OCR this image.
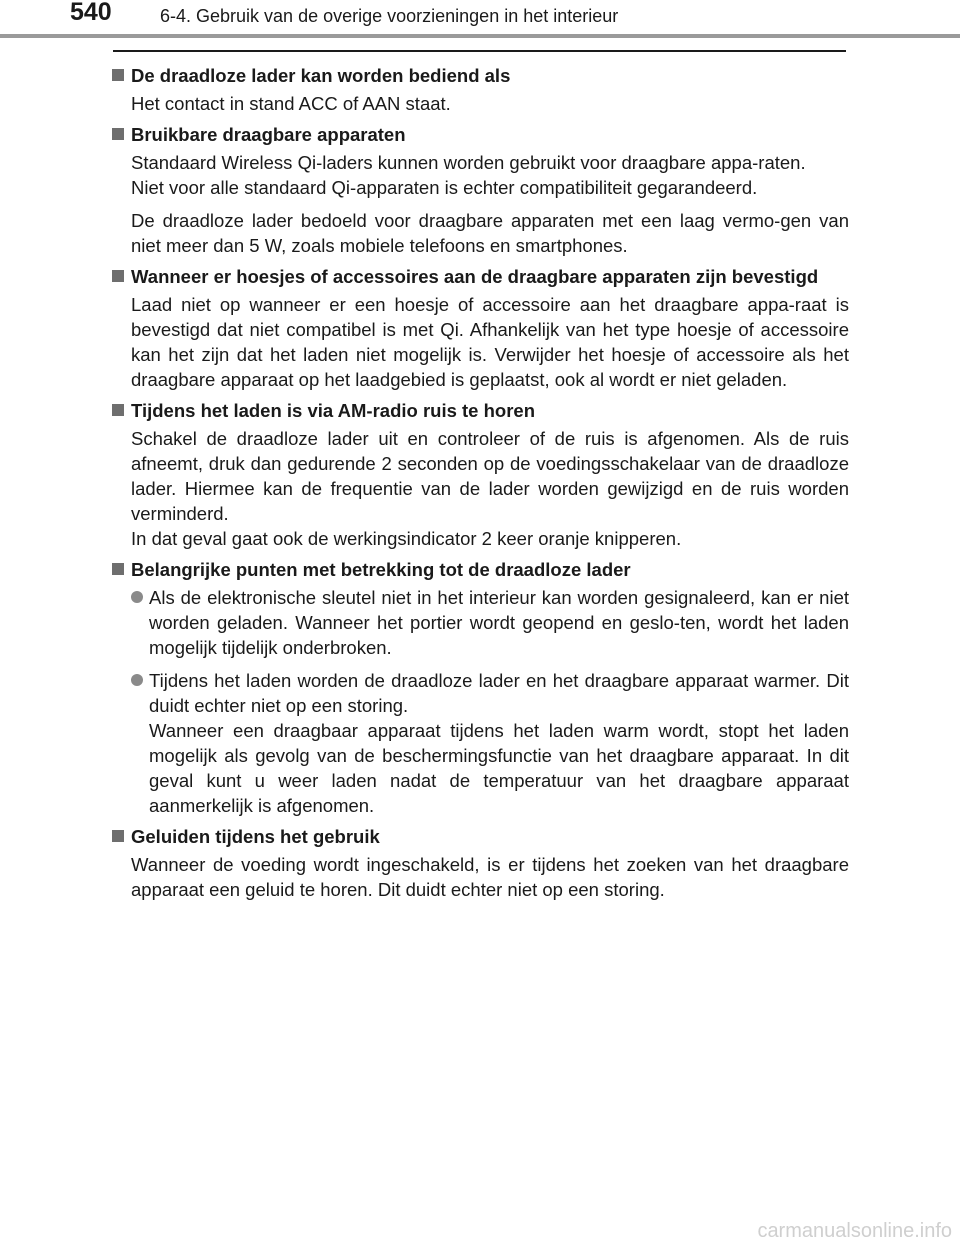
540	6-4. Gebruik van de overige voorzieningen in het interieur
De draadloze lader kan worden bediend als
Het contact in stand ACC of AAN staat.
Bruikbare draagbare apparaten
Standaard Wireless Qi-laders kunnen worden gebruikt voor draagbare appa-raten.
Niet voor alle standaard Qi-apparaten is echter compatibiliteit gegarandeerd.
De draadloze lader bedoeld voor draagbare apparaten met een laag vermo-gen van niet meer dan 5 W, zoals mobiele telefoons en smartphones.
Wanneer er hoesjes of accessoires aan de draagbare apparaten zijn bevestigd
Laad niet op wanneer er een hoesje of accessoire aan het draagbare appa-raat is bevestigd dat niet compatibel is met Qi. Afhankelijk van het type hoesje of accessoire kan het zijn dat het laden niet mogelijk is. Verwijder het hoesje of accessoire als het draagbare apparaat op het laadgebied is geplaatst, ook al wordt er niet geladen.
Tijdens het laden is via AM-radio ruis te horen
Schakel de draadloze lader uit en controleer of de ruis is afgenomen. Als de ruis afneemt, druk dan gedurende 2 seconden op de voedingsschakelaar van de draadloze lader. Hiermee kan de frequentie van de lader worden gewijzigd en de ruis worden verminderd.
In dat geval gaat ook de werkingsindicator 2 keer oranje knipperen.
Belangrijke punten met betrekking tot de draadloze lader
Als de elektronische sleutel niet in het interieur kan worden gesignaleerd, kan er niet worden geladen. Wanneer het portier wordt geopend en geslo-ten, wordt het laden mogelijk tijdelijk onderbroken.
Tijdens het laden worden de draadloze lader en het draagbare apparaat warmer. Dit duidt echter niet op een storing.
Wanneer een draagbaar apparaat tijdens het laden warm wordt, stopt het laden mogelijk als gevolg van de beschermingsfunctie van het draagbare apparaat. In dit geval kunt u weer laden nadat de temperatuur van het draagbare apparaat aanmerkelijk is afgenomen.
Geluiden tijdens het gebruik
Wanneer de voeding wordt ingeschakeld, is er tijdens het zoeken van het draagbare apparaat een geluid te horen. Dit duidt echter niet op een storing.
carmanualsonline.info
